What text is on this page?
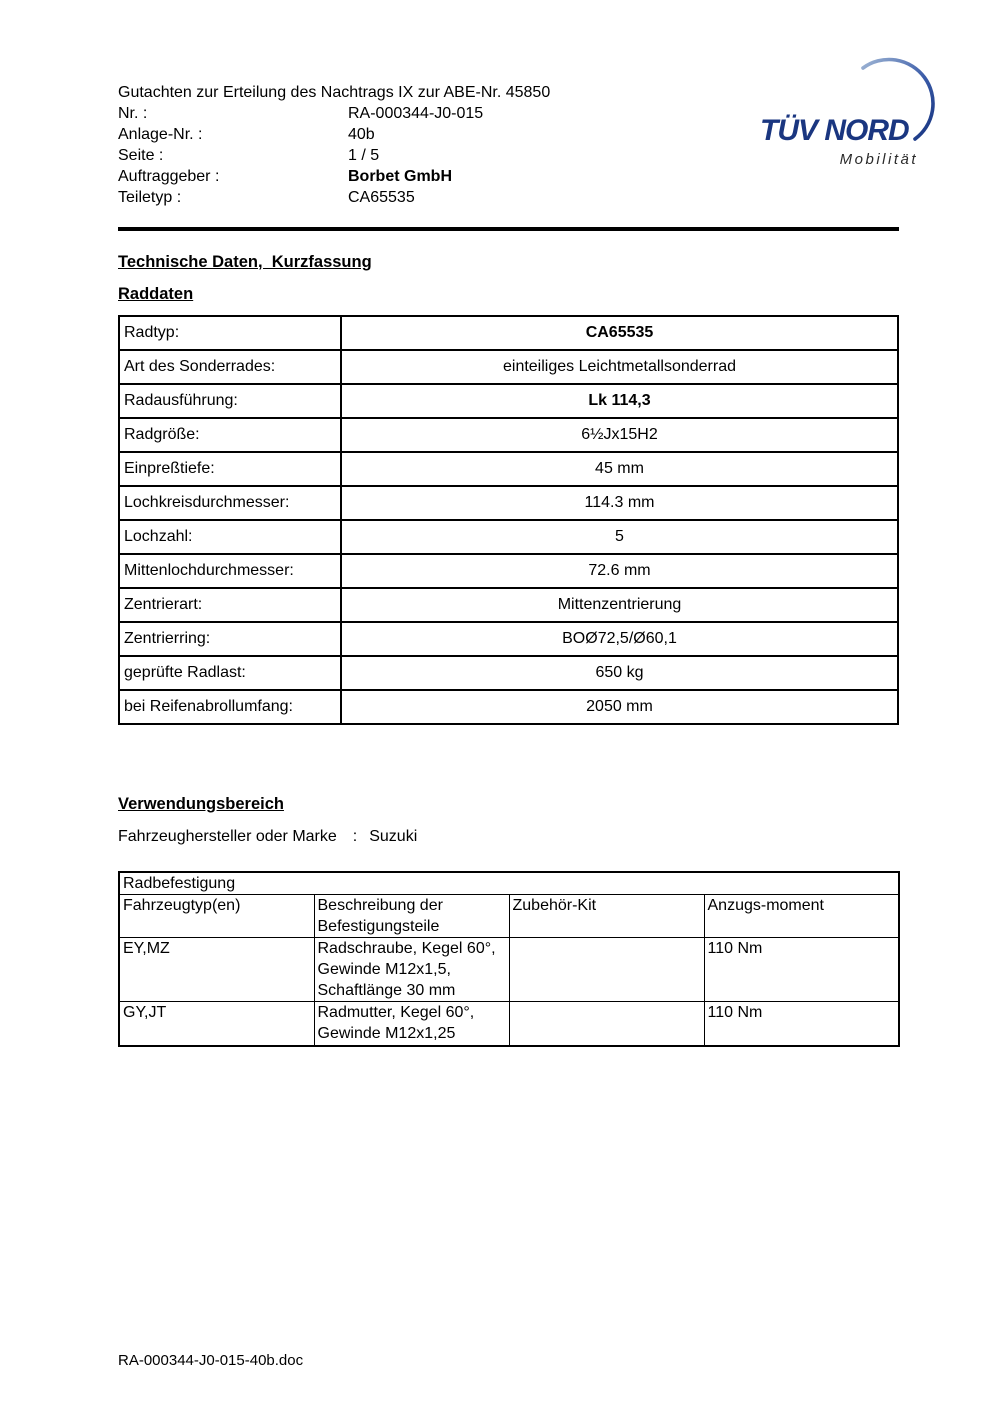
Gutachten zur Erteilung des Nachtrags IX zur ABE-Nr. 45850
Nr. :	RA-000344-J0-015
Anlage-Nr. :	40b
Seite :	1 / 5
Auftraggeber :	Borbet GmbH
Teiletyp :	CA65535
TÜV NORD
Mobilität
Technische Daten,  Kurzfassung
Raddaten
Radtyp:	CA65535
Art des Sonderrades:	einteiliges Leichtmetallsonderrad
Radausführung:	Lk 114,3
Radgröße:	6½Jx15H2
Einpreßtiefe:	45 mm
Lochkreisdurchmesser:	114.3 mm
Lochzahl:	5
Mittenlochdurchmesser:	72.6 mm
Zentrierart:	Mittenzentrierung
Zentrierring:	BOØ72,5/Ø60,1
geprüfte Radlast:	650 kg
bei Reifenabrollumfang:	2050 mm
Verwendungsbereich
Fahrzeughersteller oder Marke : Suzuki
Radbefestigung			
Fahrzeugtyp(en)	Beschreibung der Befestigungsteile	Zubehör-Kit	Anzugs-moment
EY,MZ	Radschraube, Kegel 60°, Gewinde M12x1,5, Schaftlänge 30 mm		110 Nm
GY,JT	Radmutter, Kegel 60°, Gewinde M12x1,25		110 Nm
RA-000344-J0-015-40b.doc
